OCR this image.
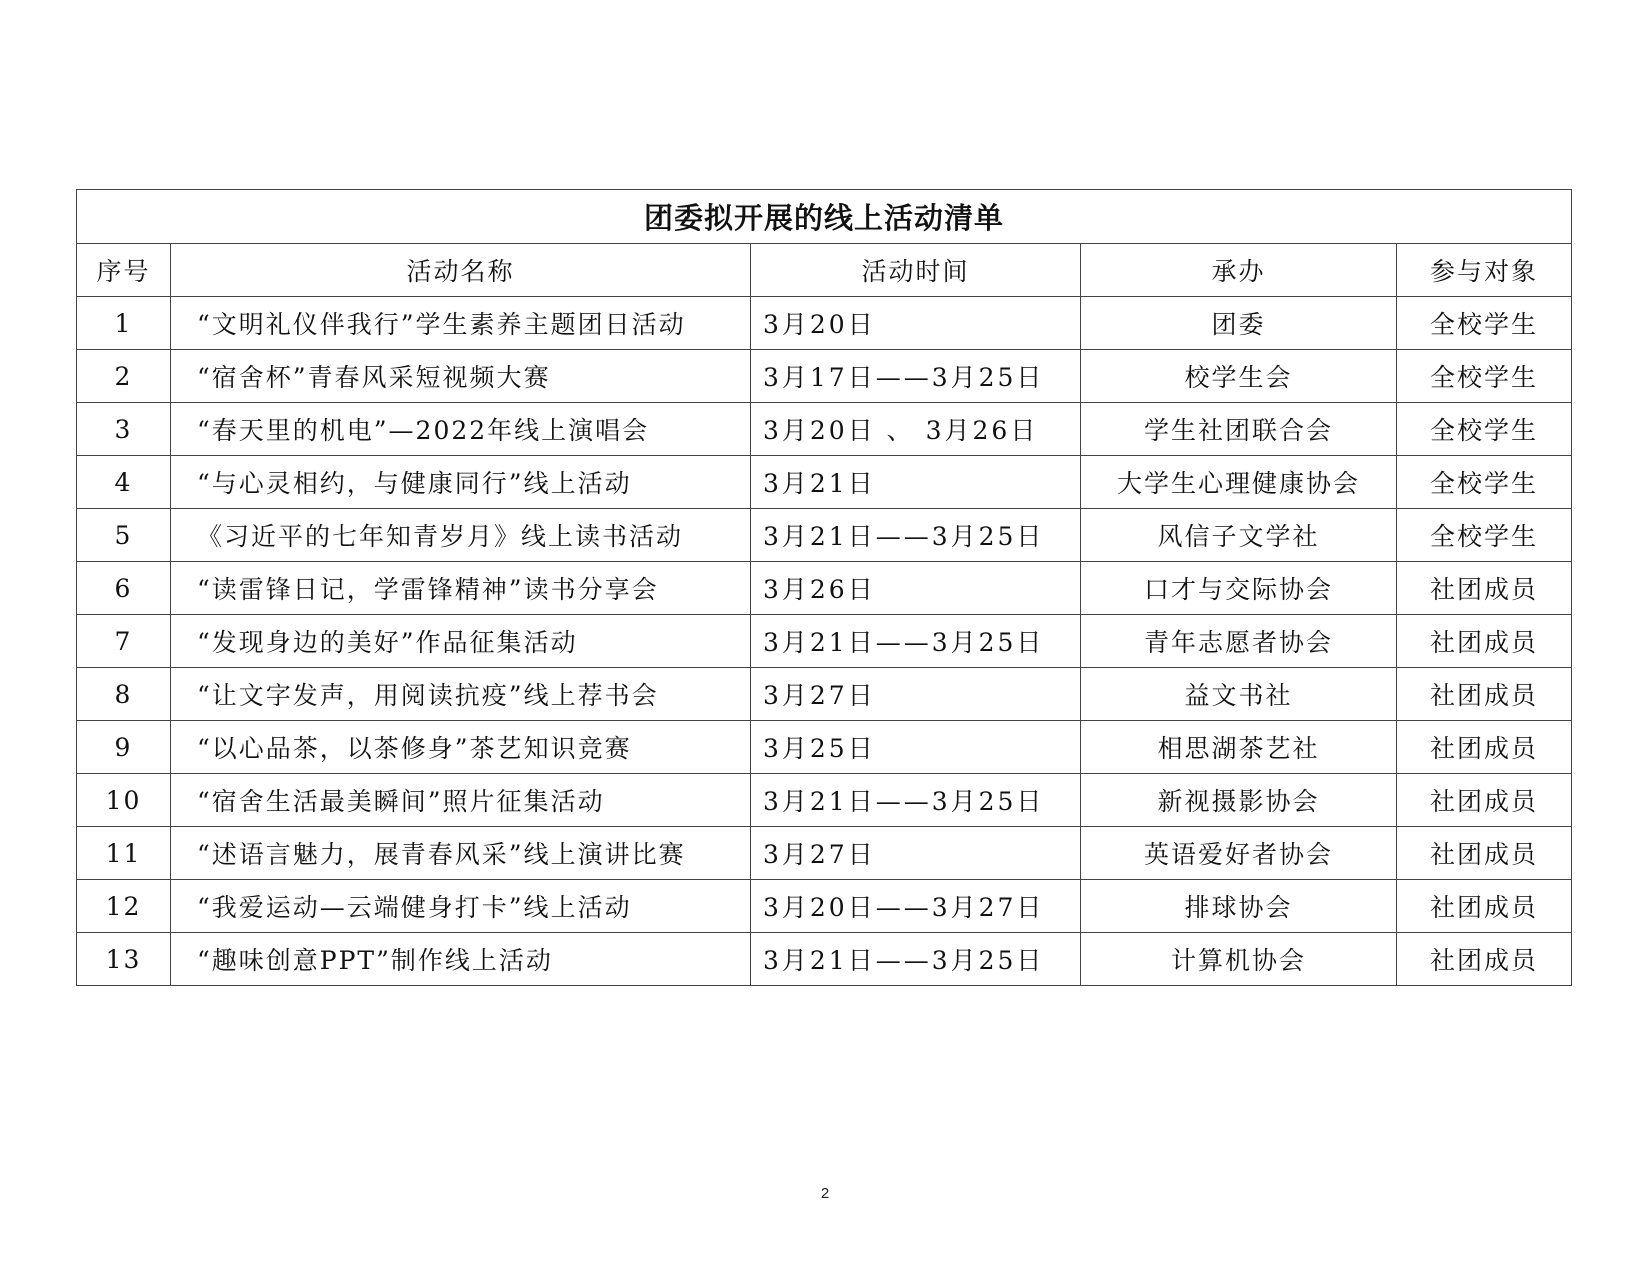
团委拟开展的线上活动清单				
序号	活动名称	活动时间	承办	参与对象
1	“文明礼仪伴我行”学生素养主题团日活动	3月20日	团委	全校学生
2	“宿舍杯”青春风采短视频大赛	3月17日——3月25日	校学生会	全校学生
3	“春天里的机电”—2022年线上演唱会	3月20日 、 3月26日	学生社团联合会	全校学生
4	“与心灵相约，与健康同行”线上活动	3月21日	大学生心理健康协会	全校学生
5	《习近平的七年知青岁月》线上读书活动	3月21日——3月25日	风信子文学社	全校学生
6	“读雷锋日记，学雷锋精神”读书分享会	3月26日	口才与交际协会	社团成员
7	“发现身边的美好”作品征集活动	3月21日——3月25日	青年志愿者协会	社团成员
8	“让文字发声，用阅读抗疫”线上荐书会	3月27日	益文书社	社团成员
9	“以心品茶，以茶修身”茶艺知识竞赛	3月25日	相思湖茶艺社	社团成员
10	“宿舍生活最美瞬间”照片征集活动	3月21日——3月25日	新视摄影协会	社团成员
11	“述语言魅力，展青春风采”线上演讲比赛	3月27日	英语爱好者协会	社团成员
12	“我爱运动—云端健身打卡”线上活动	3月20日——3月27日	排球协会	社团成员
13	“趣味创意PPT”制作线上活动	3月21日——3月25日	计算机协会	社团成员
2
